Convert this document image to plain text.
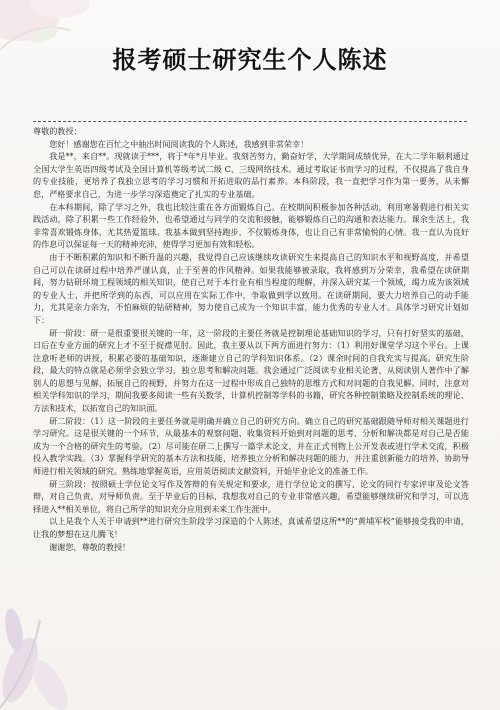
报考硕士研究生个人陈述

尊敬的教授：

您好！感谢您在百忙之中抽出时间阅读我的个人陈述，我感到非常荣幸！

我是**，来自**。现就读于***，将于*年*月毕业。我刻苦努力，勤奋好学，大学期间成绩优异，在大二学年顺利通过全国大学生英语四级考试及全国计算机等级考试二级 C、三级网络技术。通过考取证书而学习的过程，不仅提高了我自身的专业技能，更培养了我独立思考的学习习惯和开拓进取的品行素养。本科阶段，我一直把学习作为第一要务，从未懈怠，严格要求自己，为进一步学习深造奠定了扎实的专业基础。

在本科期间，除了学习之外，我也比较注重在各方面锻炼自己。在校期间积极参加各种活动，利用寒暑假进行相关实践活动，除了积累一些工作经验外，也希望通过与同学的交流和接触，能够锻炼自己的沟通和表达能力。课余生活上，我非常喜欢锻炼身体，尤其热爱篮球。我基本做到坚持跑步，不仅锻炼身体，也让自己有非常愉悦的心情。我一直认为良好的作息可以保证每一天的精神充沛，使得学习更加有效和轻松。

由于不断积累的知识和不断升温的兴趣，我觉得自己应该继续攻读研究生来提高自己的知识水平和视野高度，并希望自己可以在读研过程中培养严谨认真，止于至善的作风精神。如果我能够被录取，我将感到万分荣幸，我希望在读研期间，努力钻研环境工程领域的相关知识，使自己对于本行业有相当程度的理解，并深入研究某一个领域，竭力成为该领域的专业人士，并把所学到的东西，可以应用在实际工作中，争取做到学以致用。在读研期间，要大力培养自己的动手能力，尤其是亲力亲为，不怕麻烦的钻研精神，努力使自己成为一个知识丰富，能力优秀的专业人才。具体学习研究计划如下：

研一阶段：研一是很重要很关键的一年，这一阶段的主要任务就是控制理论基础知识的学习，只有打好坚实的基础，日后在专业方面的研究上才不至于捉襟见肘。因此，我主要从以下两方面进行努力：（1）利用好课堂学习这个平台。上课注意听老师的讲授，积累必要的基础知识，逐渐建立自己的学科知识体系。（2）课余时间的自我充实与提高。研究生阶段，最大的特点就是必须学会独立学习，独立思考和解决问题。我会通过广泛阅读专业相关论著，从阅读别人著作中了解别人的思想与见解，拓展自己的视野，并努力在这一过程中形成自己独特的思维方式和对问题的自我见解。同时，注意对相关学科知识的学习，期间我要多阅读一些有关数学，计算机控制等学科的书籍，研究各种控制策略及控制系统的理论、方法和技术，以拓宽自己的知识面。

研二阶段：（1）这一阶段的主要任务就是明确并确立自己的研究方向。确立自己的研究基础跟随导师对相关课题进行学习研究。这是很关键的一个环节，从最基本的观察问题、收集资料开始到对问题的思考、分析和解决都是对自己是否能成为一个合格的研究生的考验。（2）尽可能在研二上撰写一篇学术论文，并在正式刊物上公开发表或进行学术交流，积极投入教学实践。（3）掌握科学研究的基本方法和技能，培养独立分析和解决问题的能力，并注重创新能力的培养，协助导师进行相关领域的研究。熟练地掌握英语，应用英语阅读文献资料，开始毕业论文的准备工作。

研三阶段：按照硕士学位论文写作及答辩的有关规定和要求，进行学位论文的撰写、论文的同行专家评审及论文答辩，对自己负责，对导师负责。至于毕业后的目标，我想我对自己的专业非常感兴趣，希望能够继续研究和学习，可以选择进入**相关单位，将自己所学的知识充分应用到未来工作生涯中。

以上是我个人关于申请到**进行研究生阶段学习深造的个人陈述，真诚希望这所**的“黄埔军校”能够接受我的申请，让我的梦想在这儿腾飞！

谢谢您，尊敬的教授！
